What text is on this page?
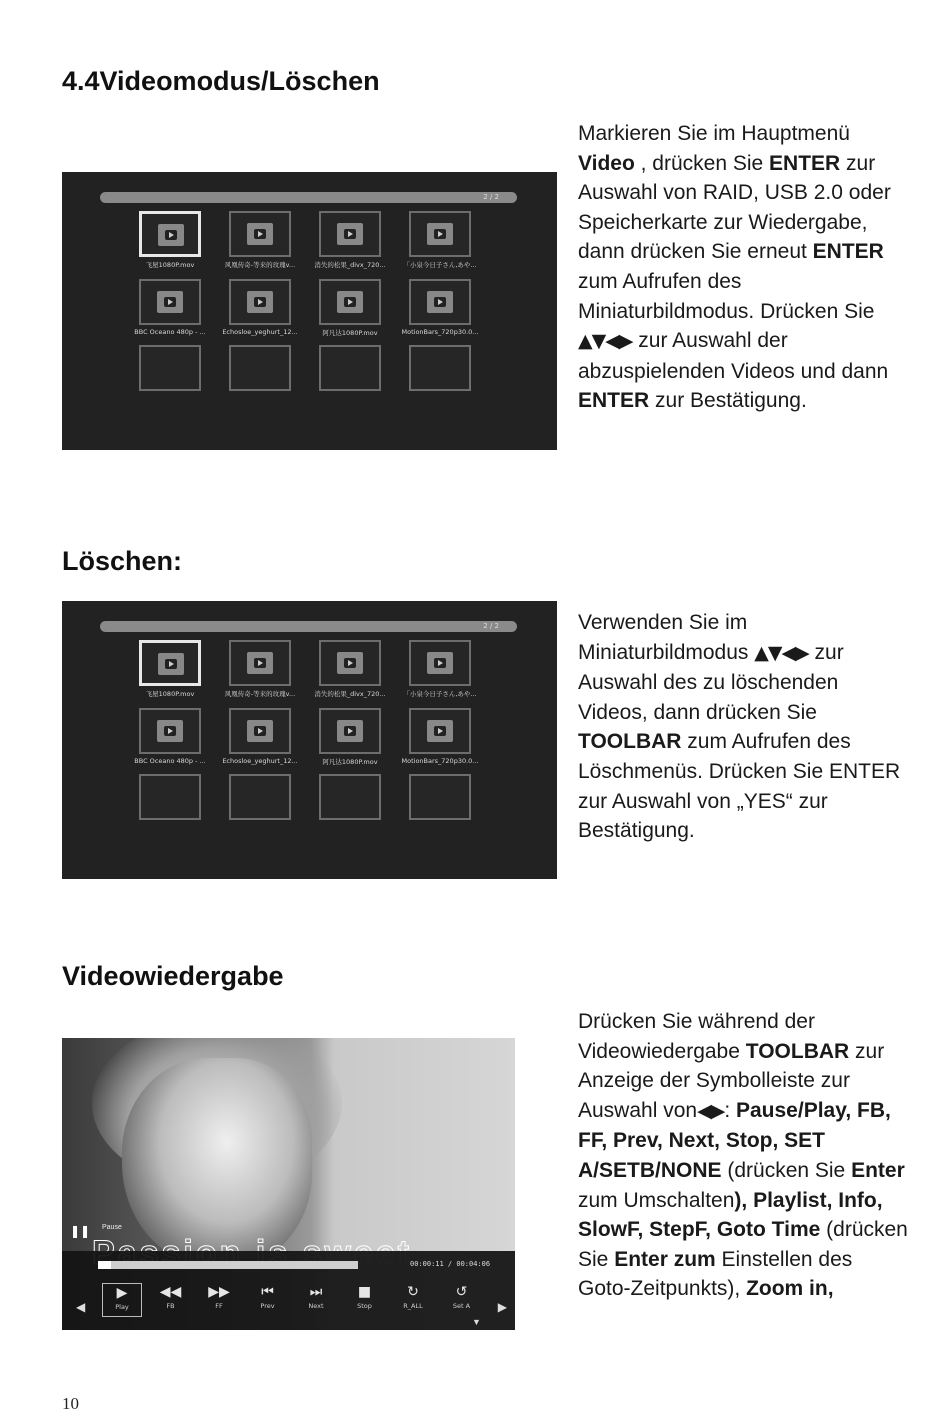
4.4Videomodus/Löschen
2 / 2
飞屋1080P.mov	风凰传奇-等来的玫瑰v...	消失的松果_divx_720...	「小泉今日子さん,あや...
BBC Oceano 480p - ...	Echosloe_yeghurt_12...	阿凡达1080P.mov	MotionBars_720p30.0...

Markieren Sie im Hauptmenü Video , drücken Sie ENTER zur Auswahl von RAID, USB 2.0 oder Speicherkarte zur Wiedergabe, dann drücken Sie erneut ENTER zum Aufrufen des Miniaturbildmodus. Drücken Sie ▲▼◀▶ zur Auswahl der abzuspielenden Videos und dann ENTER zur Bestätigung.

Löschen:
2 / 2
飞屋1080P.mov	风凰传奇-等来的玫瑰v...	消失的松果_divx_720...	「小泉今日子さん,あや...
BBC Oceano 480p - ...	Echosloe_yeghurt_12...	阿凡达1080P.mov	MotionBars_720p30.0...

Verwenden Sie im Miniaturbildmodus ▲▼◀▶ zur Auswahl des zu löschenden Videos, dann drücken Sie TOOLBAR zum Aufrufen des Löschmenüs. Drücken Sie ENTER zur Auswahl von „YES“ zur Bestätigung.

Videowiedergabe
❚❚ Pause
00:00:11 / 00:04:06
◀	▶
▼
▶
Play
◀◀
FB
▶▶
FF
⏮
Prev
⏭
Next
■
Stop
↻
R_ALL
↺
Set A

Drücken Sie während der Videowiedergabe TOOLBAR zur Anzeige der Symbolleiste zur Auswahl von◀▶: Pause/Play, FB, FF, Prev, Next, Stop, SET A/SETB/NONE (drücken Sie Enter zum Umschalten), Playlist, Info, SlowF, StepF, Goto Time (drücken Sie Enter zum Einstellen des Goto-Zeitpunkts), Zoom in,

10
